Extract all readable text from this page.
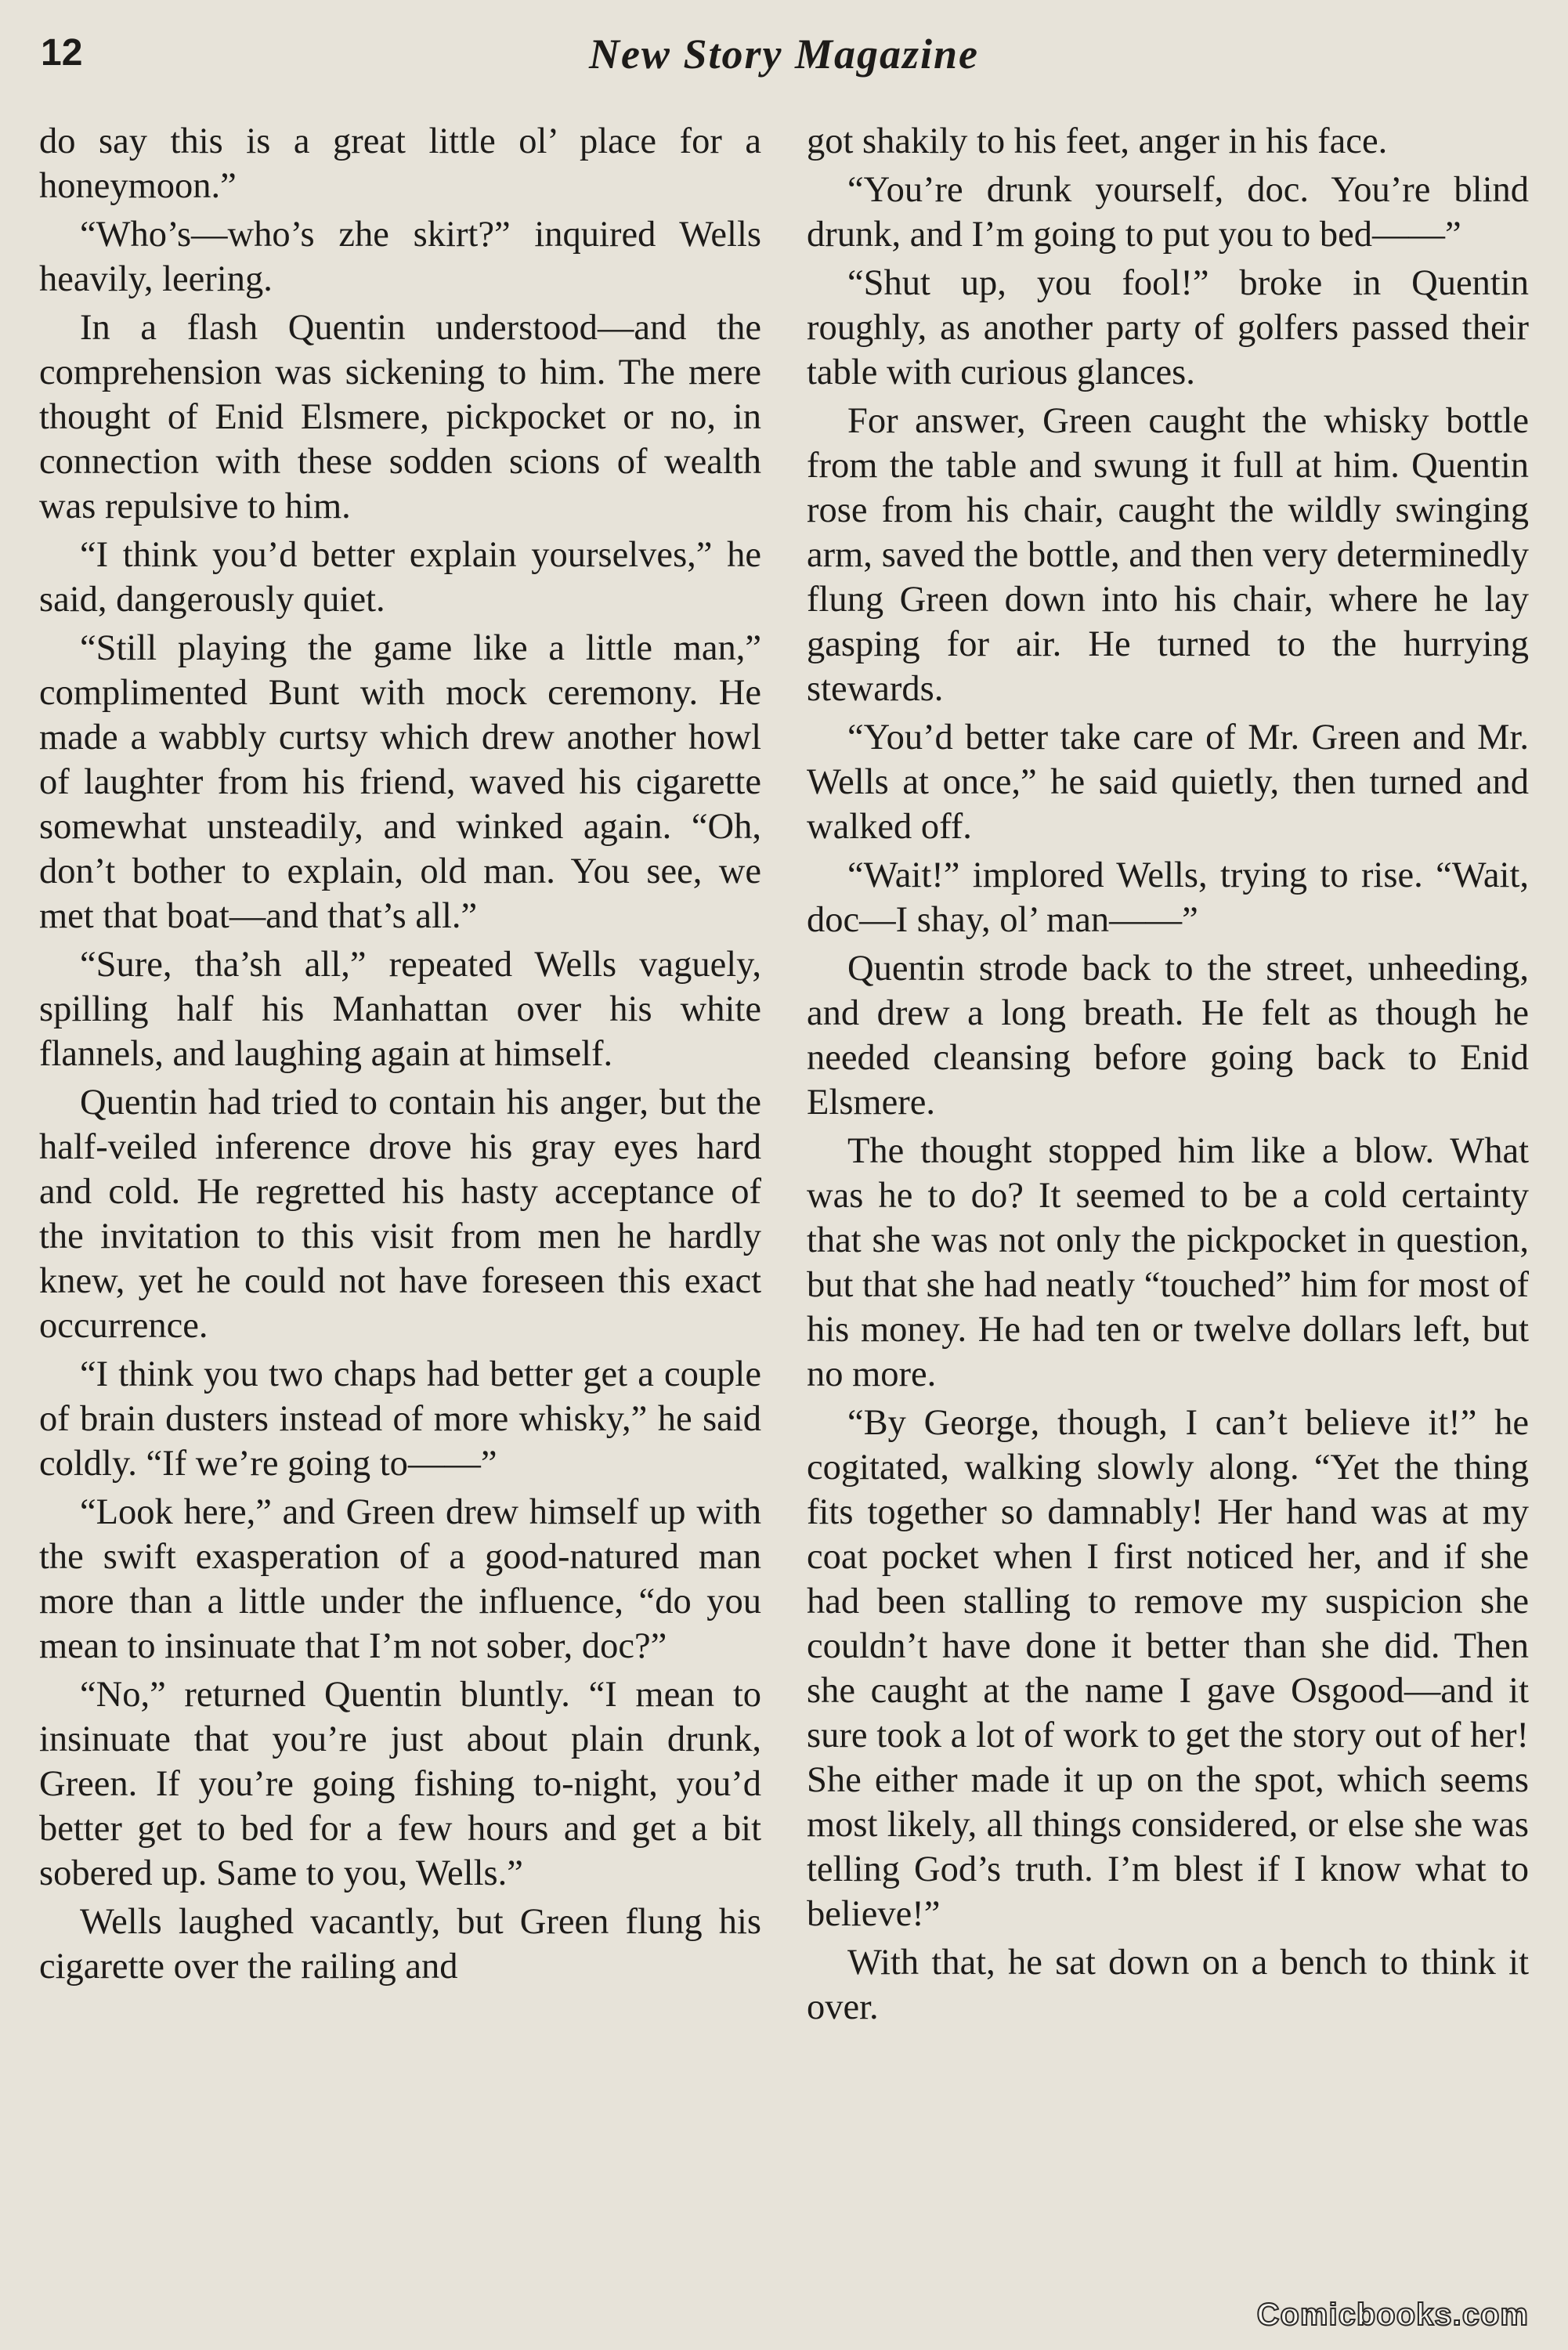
12	New Story Magazine

do say this is a great little ol’ place for a honeymoon.”

“Who’s—who’s zhe skirt?” inquired Wells heavily, leering.

In a flash Quentin understood—and the comprehension was sickening to him. The mere thought of Enid Elsmere, pickpocket or no, in connection with these sodden scions of wealth was repulsive to him.

“I think you’d better explain yourselves,” he said, dangerously quiet.

“Still playing the game like a little man,” complimented Bunt with mock ceremony. He made a wabbly curtsy which drew another howl of laughter from his friend, waved his cigarette somewhat unsteadily, and winked again. “Oh, don’t bother to explain, old man. You see, we met that boat—and that’s all.”

“Sure, tha’sh all,” repeated Wells vaguely, spilling half his Manhattan over his white flannels, and laughing again at himself.

Quentin had tried to contain his anger, but the half-veiled inference drove his gray eyes hard and cold. He regretted his hasty acceptance of the invitation to this visit from men he hardly knew, yet he could not have foreseen this exact occurrence.

“I think you two chaps had better get a couple of brain dusters instead of more whisky,” he said coldly. “If we’re going to——”

“Look here,” and Green drew himself up with the swift exasperation of a good-natured man more than a little under the influence, “do you mean to insinuate that I’m not sober, doc?”

“No,” returned Quentin bluntly. “I mean to insinuate that you’re just about plain drunk, Green. If you’re going fishing to-night, you’d better get to bed for a few hours and get a bit sobered up. Same to you, Wells.”

Wells laughed vacantly, but Green flung his cigarette over the railing and

got shakily to his feet, anger in his face.

“You’re drunk yourself, doc. You’re blind drunk, and I’m going to put you to bed——”

“Shut up, you fool!” broke in Quentin roughly, as another party of golfers passed their table with curious glances.

For answer, Green caught the whisky bottle from the table and swung it full at him. Quentin rose from his chair, caught the wildly swinging arm, saved the bottle, and then very determinedly flung Green down into his chair, where he lay gasping for air. He turned to the hurrying stewards.

“You’d better take care of Mr. Green and Mr. Wells at once,” he said quietly, then turned and walked off.

“Wait!” implored Wells, trying to rise. “Wait, doc—I shay, ol’ man——”

Quentin strode back to the street, unheeding, and drew a long breath. He felt as though he needed cleansing before going back to Enid Elsmere.

The thought stopped him like a blow. What was he to do? It seemed to be a cold certainty that she was not only the pickpocket in question, but that she had neatly “touched” him for most of his money. He had ten or twelve dollars left, but no more.

“By George, though, I can’t believe it!” he cogitated, walking slowly along. “Yet the thing fits together so damnably! Her hand was at my coat pocket when I first noticed her, and if she had been stalling to remove my suspicion she couldn’t have done it better than she did. Then she caught at the name I gave Osgood—and it sure took a lot of work to get the story out of her! She either made it up on the spot, which seems most likely, all things considered, or else she was telling God’s truth. I’m blest if I know what to believe!”

With that, he sat down on a bench to think it over.

Comicbooks.com
